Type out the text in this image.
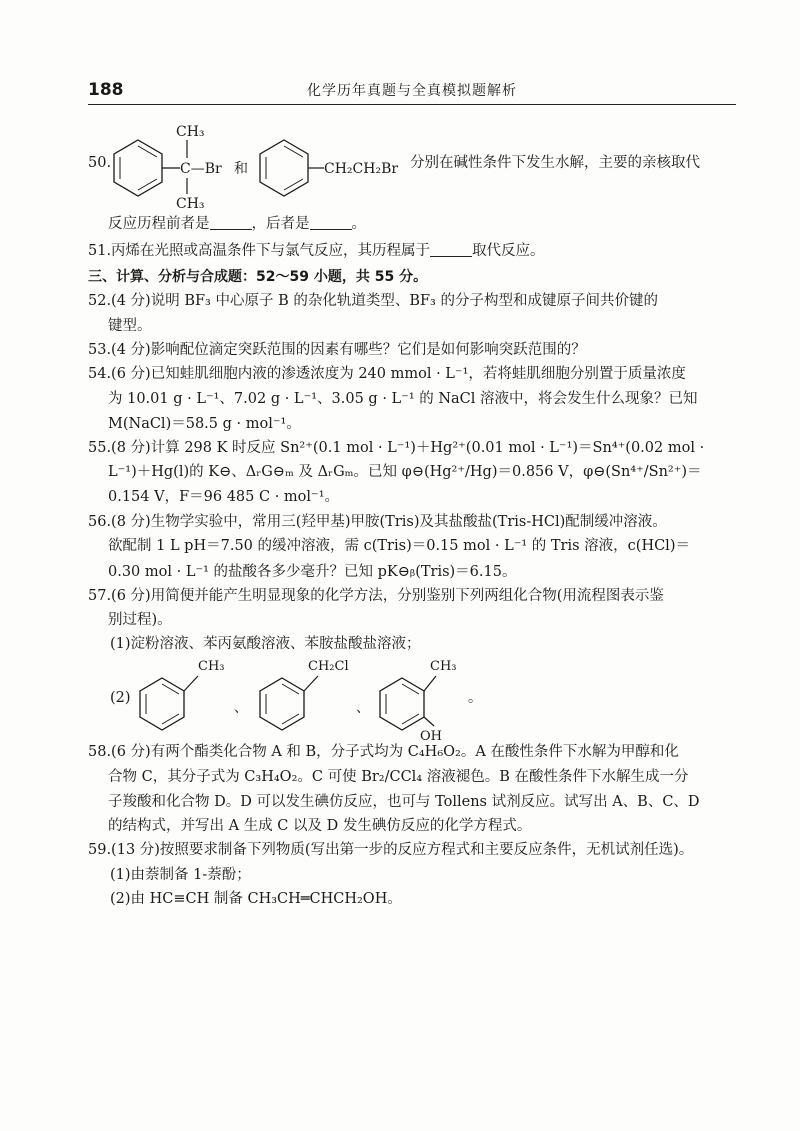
188	化学历年真题与全真模拟题解析
50.
CH₃
C—Br
CH₃
和	CH₂CH₂Br 分别在碱性条件下发生水解，主要的亲核取代
反应历程前者是	，后者是	。
51.丙烯在光照或高温条件下与氯气反应，其历程属于	取代反应。
三、计算、分析与合成题：52～59 小题，共 55 分。
52.(4 分)说明 BF₃ 中心原子 B 的杂化轨道类型、BF₃ 的分子构型和成键原子间共价键的
键型。
53.(4 分)影响配位滴定突跃范围的因素有哪些？它们是如何影响突跃范围的？
54.(6 分)已知蛙肌细胞内液的渗透浓度为 240 mmol · L⁻¹，若将蛙肌细胞分别置于质量浓度
为 10.01 g · L⁻¹、7.02 g · L⁻¹、3.05 g · L⁻¹ 的 NaCl 溶液中，将会发生什么现象？已知
M(NaCl)＝58.5 g · mol⁻¹。
55.(8 分)计算 298 K 时反应 Sn²⁺(0.1 mol · L⁻¹)＋Hg²⁺(0.01 mol · L⁻¹)＝Sn⁴⁺(0.02 mol ·
L⁻¹)＋Hg(l)的 K⊖、ΔᵣG⊖ₘ 及 ΔᵣGₘ。已知 φ⊖(Hg²⁺/Hg)＝0.856 V，φ⊖(Sn⁴⁺/Sn²⁺)＝
0.154 V，F＝96 485 C · mol⁻¹。
56.(8 分)生物学实验中，常用三(羟甲基)甲胺(Tris)及其盐酸盐(Tris-HCl)配制缓冲溶液。
欲配制 1 L pH＝7.50 的缓冲溶液，需 c(Tris)＝0.15 mol · L⁻¹ 的 Tris 溶液，c(HCl)＝
0.30 mol · L⁻¹ 的盐酸各多少毫升？已知 pK⊖ᵦ(Tris)＝6.15。
57.(6 分)用简便并能产生明显现象的化学方法，分别鉴别下列两组化合物(用流程图表示鉴
别过程)。
(1)淀粉溶液、苯丙氨酸溶液、苯胺盐酸盐溶液；
(2)
CH₃
、
CH₂Cl
、
CH₃
OH
。
58.(6 分)有两个酯类化合物 A 和 B，分子式均为 C₄H₆O₂。A 在酸性条件下水解为甲醇和化
合物 C，其分子式为 C₃H₄O₂。C 可使 Br₂/CCl₄ 溶液褪色。B 在酸性条件下水解生成一分
子羧酸和化合物 D。D 可以发生碘仿反应，也可与 Tollens 试剂反应。试写出 A、B、C、D
的结构式，并写出 A 生成 C 以及 D 发生碘仿反应的化学方程式。
59.(13 分)按照要求制备下列物质(写出第一步的反应方程式和主要反应条件，无机试剂任选)。
(1)由萘制备 1-萘酚；
(2)由 HC≡CH 制备 CH₃CH═CHCH₂OH。
